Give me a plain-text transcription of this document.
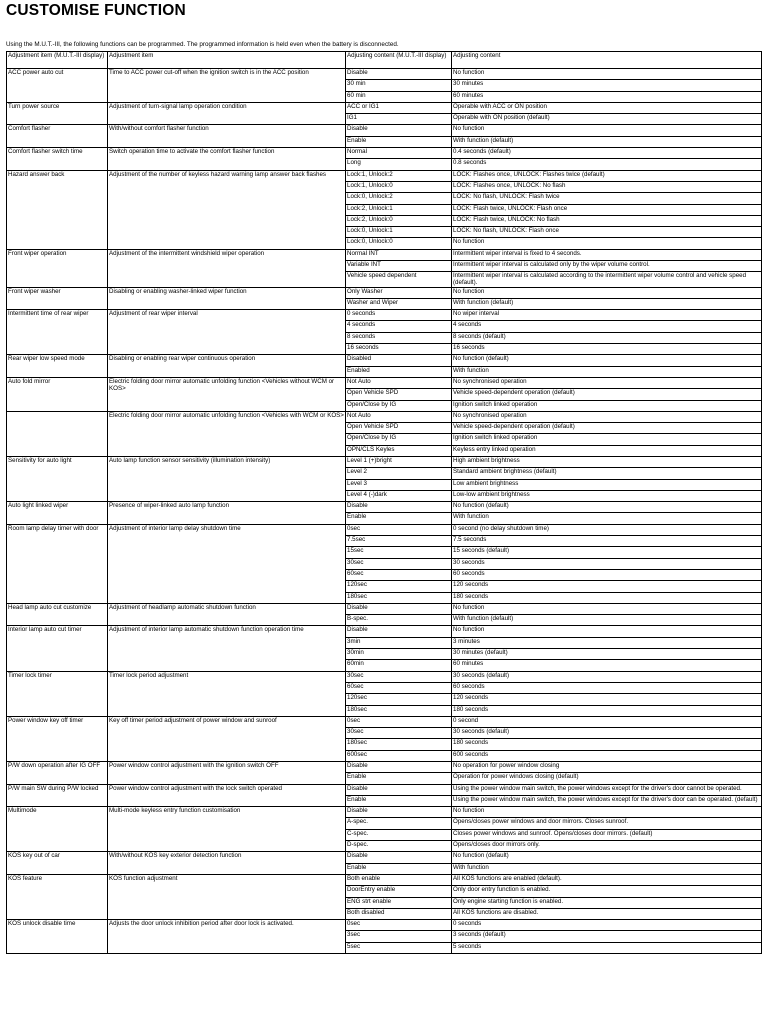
CUSTOMISE FUNCTION
Using the M.U.T.-III, the following functions can be programmed. The programmed information is held even when the battery is disconnected.
Adjustment item (M.U.T.-III display)	Adjustment item	Adjusting content (M.U.T.-III display)	Adjusting content
ACC power auto cut	Time to ACC power cut-off when the ignition switch is in the ACC position	Disable	No function
		30 min	30 minutes
		60 min	60 minutes
Turn power source	Adjustment of turn-signal lamp operation condition	ACC or IG1	Operable with ACC or ON position
		IG1	Operable with ON position (default)
Comfort flasher	With/without comfort flasher function	Disable	No function
		Enable	With function (default)
Comfort flasher switch time	Switch operation time to activate the comfort flasher function	Normal	0.4 seconds (default)
		Long	0.8 seconds
Hazard answer back	Adjustment of the number of keyless hazard warning lamp answer back flashes	Lock:1, Unlock:2	LOCK: Flashes once, UNLOCK: Flashes twice (default)
		Lock:1, Unlock:0	LOCK: Flashes once, UNLOCK: No flash
		Lock:0, Unlock:2	LOCK: No flash, UNLOCK: Flash twice
		Lock:2, Unlock:1	LOCK: Flash twice, UNLOCK: Flash once
		Lock:2, Unlock:0	LOCK: Flash twice, UNLOCK: No flash
		Lock:0, Unlock:1	LOCK: No flash, UNLOCK: Flash once
		Lock:0, Unlock:0	No function
Front wiper operation	Adjustment of the intermittent windshield wiper operation	Normal INT	Intermittent wiper interval is fixed to 4 seconds.
		Variable INT	Intermittent wiper interval is calculated only by the wiper volume control.
		Vehicle speed dependent	Intermittent wiper interval is calculated according to the intermittent wiper volume control and vehicle speed (default).
Front wiper washer	Disabling or enabling washer-linked wiper function	Only Washer	No function
		Washer and Wiper	With function (default)
Intermittent time of rear wiper	Adjustment of rear wiper interval	0 seconds	No wiper interval
		4 seconds	4 seconds
		8 seconds	8 seconds (default)
		16 seconds	16 seconds
Rear wiper low speed mode	Disabling or enabling rear wiper continuous operation	Disabled	No function (default)
		Enabled	With function
Auto fold mirror	Electric folding door mirror automatic unfolding function <Vehicles without WCM or KOS>	Not Auto	No synchronised operation
		Open Vehicle SPD	Vehicle speed-dependent operation (default)
		Open/Close by IG	Ignition switch linked operation
	Electric folding door mirror automatic unfolding function <Vehicles with WCM or KOS>	Not Auto	No synchronised operation
		Open Vehicle SPD	Vehicle speed-dependent operation (default)
		Open/Close by IG	Ignition switch linked operation
		OPN/CLS Keyles	Keyless entry linked operation
Sensitivity for auto light	Auto lamp function sensor sensitivity (illumination intensity)	Level 1 (+)bright	High ambient brightness
		Level 2	Standard ambient brightness (default)
		Level 3	Low ambient brightness
		Level 4 (-)dark	Low-low ambient brightness
Auto light linked wiper	Presence of wiper-linked auto lamp function	Disable	No function (default)
		Enable	With function
Room lamp delay timer with door	Adjustment of interior lamp delay shutdown time	0sec	0 second (no delay shutdown time)
		7.5sec	7.5 seconds
		15sec	15 seconds (default)
		30sec	30 seconds
		60sec	60 seconds
		120sec	120 seconds
		180sec	180 seconds
Head lamp auto cut customize	Adjustment of headlamp automatic shutdown function	Disable	No function
		B-spec.	With function (default)
Interior lamp auto cut timer	Adjustment of interior lamp automatic shutdown function operation time	Disable	No function
		3min	3 minutes
		30min	30 minutes (default)
		60min	60 minutes
Timer lock timer	Timer lock period adjustment	30sec	30 seconds (default)
		60sec	60 seconds
		120sec	120 seconds
		180sec	180 seconds
Power window key off timer	Key off timer period adjustment of power window and sunroof	0sec	0 second
		30sec	30 seconds (default)
		180sec	180 seconds
		600sec	600 seconds
P/W down operation after IG OFF	Power window control adjustment with the ignition switch OFF	Disable	No operation for power window closing
		Enable	Operation for power windows closing (default)
P/W main SW during P/W locked	Power window control adjustment with the lock switch operated	Disable	Using the power window main switch, the power windows except for the driver's door cannot be operated.
		Enable	Using the power window main switch, the power windows except for the driver's door can be operated. (default)
Multimode	Multi-mode keyless entry function customisation	Disable	No function
		A-spec.	Opens/closes power windows and door mirrors. Closes sunroof.
		C-spec.	Closes power windows and sunroof. Opens/closes door mirrors. (default)
		D-spec.	Opens/closes door mirrors only.
KOS key out of car	With/without KOS key exterior detection function	Disable	No function (default)
		Enable	With function
KOS feature	KOS function adjustment	Both enable	All KOS functions are enabled (default).
		DoorEntry enable	Only door entry function is enabled.
		ENG strt enable	Only engine starting function is enabled.
		Both disabled	All KOS functions are disabled.
KOS unlock disable time	Adjusts the door unlock inhibition period after door lock is activated.	0sec	0 seconds
		3sec	3 seconds (default)
		5sec	5 seconds
